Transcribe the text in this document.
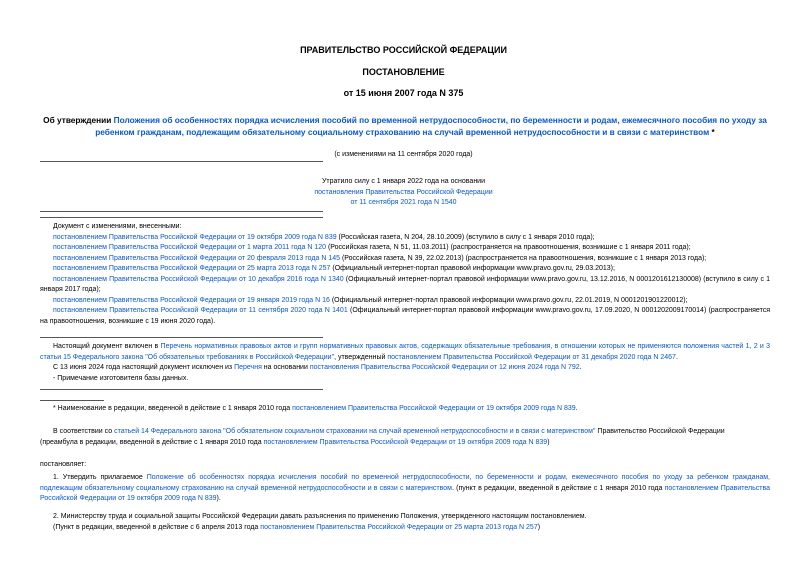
ПРАВИТЕЛЬСТВО РОССИЙСКОЙ ФЕДЕРАЦИИ
ПОСТАНОВЛЕНИЕ
от 15 июня 2007 года N 375
Об утверждении Положения об особенностях порядка исчисления пособий по временной нетрудоспособности, по беременности и родам, ежемесячного пособия по уходу за ребенком гражданам, подлежащим обязательному социальному страхованию на случай временной нетрудоспособности и в связи с материнством *
(с изменениями на 11 сентября 2020 года)

Утратило силу с 1 января 2022 года на основании

постановления Правительства Российской Федерации

от 11 сентября 2021 года N 1540

Документ с изменениями, внесенными:

постановлением Правительства Российской Федерации от 19 октября 2009 года N 839 (Российская газета, N 204, 28.10.2009) (вступило в силу с 1 января 2010 года);

постановлением Правительства Российской Федерации от 1 марта 2011 года N 120 (Российская газета, N 51, 11.03.2011) (распространяется на правоотношения, возникшие с 1 января 2011 года);

постановлением Правительства Российской Федерации от 20 февраля 2013 года N 145 (Российская газета, N 39, 22.02.2013) (распространяется на правоотношения, возникшие с 1 января 2013 года);

постановлением Правительства Российской Федерации от 25 марта 2013 года N 257 (Официальный интернет-портал правовой информации www.pravo.gov.ru, 29.03.2013);

постановлением Правительства Российской Федерации от 10 декабря 2016 года N 1340 (Официальный интернет-портал правовой информации www.pravo.gov.ru, 13.12.2016, N 0001201612130008) (вступило в силу с 1 января 2017 года);

постановлением Правительства Российской Федерации от 19 января 2019 года N 16 (Официальный интернет-портал правовой информации www.pravo.gov.ru, 22.01.2019, N 0001201901220012);

постановлением Правительства Российской Федерации от 11 сентября 2020 года N 1401 (Официальный интернет-портал правовой информации www.pravo.gov.ru, 17.09.2020, N 0001202009170014) (распространяется на правоотношения, возникшие с 19 июня 2020 года).

Настоящий документ включен в Перечень нормативных правовых актов и групп нормативных правовых актов, содержащих обязательные требования, в отношении которых не применяются положения частей 1, 2 и 3 статьи 15 Федерального закона "Об обязательных требованиях в Российской Федерации", утвержденный постановлением Правительства Российской Федерации от 31 декабря 2020 года N 2467.

С 13 июня 2024 года настоящий документ исключен из Перечня на основании постановления Правительства Российской Федерации от 12 июня 2024 года N 792.

- Примечание изготовителя базы данных.

* Наименование в редакции, введенной в действие с 1 января 2010 года постановлением Правительства Российской Федерации от 19 октября 2009 года N 839.
В соответствии со статьей 14 Федерального закона "Об обязательном социальном страховании на случай временной нетрудоспособности и в связи с материнством" Правительство Российской Федерации
(преамбула в редакции, введенной в действие с 1 января 2010 года постановлением Правительства Российской Федерации от 19 октября 2009 года N 839)
постановляет:
1. Утвердить прилагаемое Положение об особенностях порядка исчисления пособий по временной нетрудоспособности, по беременности и родам, ежемесячного пособия по уходу за ребенком гражданам, подлежащим обязательному социальному страхованию на случай временной нетрудоспособности и в связи с материнством. (пункт в редакции, введенной в действие с 1 января 2010 года постановлением Правительства Российской Федерации от 19 октября 2009 года N 839).
2. Министерству труда и социальной защиты Российской Федерации давать разъяснения по применению Положения, утвержденного настоящим постановлением.
(Пункт в редакции, введенной в действие с 6 апреля 2013 года постановлением Правительства Российской Федерации от 25 марта 2013 года N 257)
